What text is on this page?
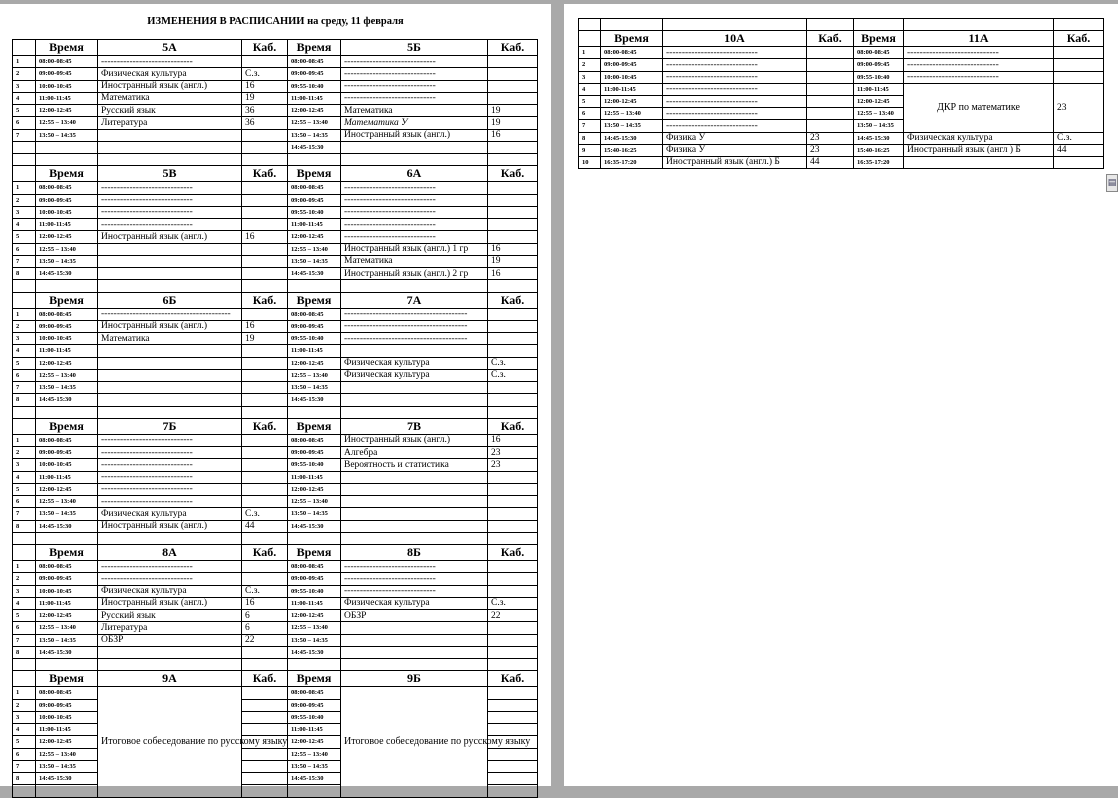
ИЗМЕНЕНИЯ В РАСПИСАНИИ на среду, 11 февраля
	Время	5А	Каб.	Время	5Б	Каб.
1	08:00-08:45	-----------------------------		08:00-08:45	-----------------------------	
2	09:00-09:45	Физическая культура	С.з.	09:00-09:45	-----------------------------	
3	10:00-10:45	Иностранный язык (англ.)	16	09:55-10:40	-----------------------------	
4	11:00-11:45	Математика	19	11:00-11:45	-----------------------------	
5	12:00-12:45	Русский язык	36	12:00-12:45	Математика	19
6	12:55 – 13:40	Литература	36	12:55 – 13:40	Математика У	19
7	13:50 – 14:35			13:50 – 14:35	Иностранный язык (англ.)	16
				14:45-15:30		

	Время	5В	Каб.	Время	6А	Каб.
1	08:00-08:45	-----------------------------		08:00-08:45	-----------------------------	
2	09:00-09:45	-----------------------------		09:00-09:45	-----------------------------	
3	10:00-10:45	-----------------------------		09:55-10:40	-----------------------------	
4	11:00-11:45	-----------------------------		11:00-11:45	-----------------------------	
5	12:00-12:45	Иностранный язык (англ.)	16	12:00-12:45	-----------------------------	
6	12:55 – 13:40			12:55 – 13:40	Иностранный язык (англ.) 1 гр	16
7	13:50 – 14:35			13:50 – 14:35	Математика	19
8	14:45-15:30			14:45-15:30	Иностранный язык (англ.) 2 гр	16

	Время	6Б	Каб.	Время	7А	Каб.
1	08:00-08:45	-----------------------------------------		08:00-08:45	---------------------------------------	
2	09:00-09:45	Иностранный язык (англ.)	16	09:00-09:45	---------------------------------------	
3	10:00-10:45	Математика	19	09:55-10:40	---------------------------------------	
4	11:00-11:45			11:00-11:45		
5	12:00-12:45			12:00-12:45	Физическая культура	С.з.
6	12:55 – 13:40			12:55 – 13:40	Физическая культура	С.з.
7	13:50 – 14:35			13:50 – 14:35		
8	14:45-15:30			14:45-15:30		

	Время	7Б	Каб.	Время	7В	Каб.
1	08:00-08:45	-----------------------------		08:00-08:45	Иностранный язык (англ.)	16
2	09:00-09:45	-----------------------------		09:00-09:45	Алгебра	23
3	10:00-10:45	-----------------------------		09:55-10:40	Вероятность и статистика	23
4	11:00-11:45	-----------------------------		11:00-11:45		
5	12:00-12:45	-----------------------------		12:00-12:45		
6	12:55 – 13:40	-----------------------------		12:55 – 13:40		
7	13:50 – 14:35	Физическая культура	С.з.	13:50 – 14:35		
8	14:45-15:30	Иностранный язык (англ.)	44	14:45-15:30		

	Время	8А	Каб.	Время	8Б	Каб.
1	08:00-08:45	-----------------------------		08:00-08:45	-----------------------------	
2	09:00-09:45	-----------------------------		09:00-09:45	-----------------------------	
3	10:00-10:45	Физическая культура	С.з.	09:55-10:40	-----------------------------	
4	11:00-11:45	Иностранный язык (англ.)	16	11:00-11:45	Физическая культура	С.з.
5	12:00-12:45	Русский язык	6	12:00-12:45	ОБЗР	22
6	12:55 – 13:40	Литература	6	12:55 – 13:40		
7	13:50 – 14:35	ОБЗР	22	13:50 – 14:35		
8	14:45-15:30			14:45-15:30		

	Время	9А	Каб.	Время	9Б	Каб.
1	08:00-08:45	Итоговое собеседование по русскому языку		08:00-08:45	Итоговое собеседование по русскому языку	
2	09:00-09:45			09:00-09:45		
3	10:00-10:45			09:55-10:40		
4	11:00-11:45			11:00-11:45		
5	12:00-12:45			12:00-12:45		
6	12:55 – 13:40			12:55 – 13:40		
7	13:50 – 14:35			13:50 – 14:35		
8	14:45-15:30			14:45-15:30		

	Время	10А	Каб.	Время	11А	Каб.
1	08:00-08:45	-----------------------------		08:00-08:45	-----------------------------	
2	09:00-09:45	-----------------------------		09:00-09:45	-----------------------------	
3	10:00-10:45	-----------------------------		09:55-10:40	-----------------------------	
4	11:00-11:45	-----------------------------		11:00-11:45	ДКР по математике	23
5	12:00-12:45	-----------------------------		12:00-12:45		
6	12:55 – 13:40	-----------------------------		12:55 – 13:40		
7	13:50 – 14:35	-----------------------------		13:50 – 14:35		
8	14:45-15:30	Физика У	23	14:45-15:30	Физическая культура	С.з.
9	15:40-16:25	Физика У	23	15:40-16:25	Иностранный язык (англ ) Б	44
10	16:35-17:20	Иностранный язык (англ.) Б	44	16:35-17:20		
▤
